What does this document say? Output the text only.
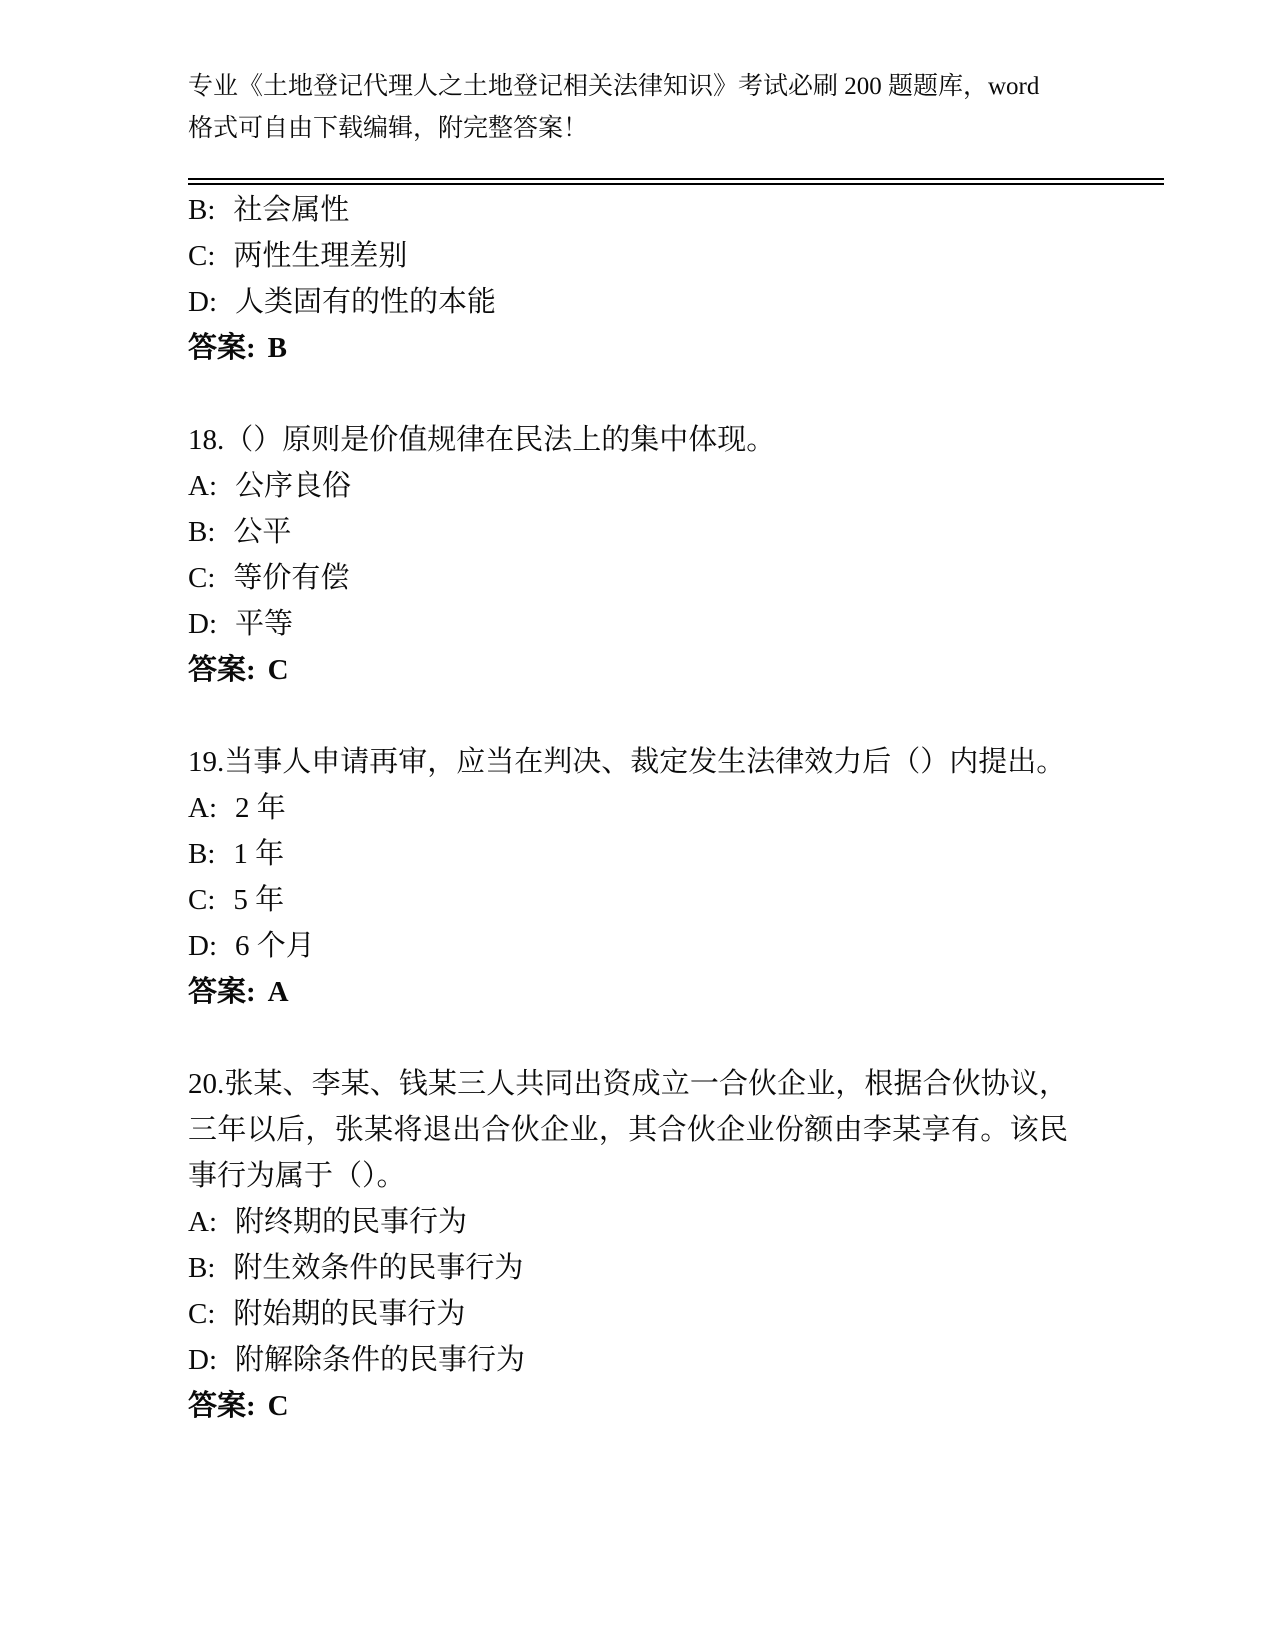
专业《土地登记代理人之土地登记相关法律知识》考试必刷 200 题题库，word 格式可自由下载编辑，附完整答案！

B: 社会属性

C: 两性生理差别

D: 人类固有的性的本能

答案: B

18.（）原则是价值规律在民法上的集中体现。

A: 公序良俗

B: 公平

C: 等价有偿

D: 平等

答案: C

19.当事人申请再审，应当在判决、裁定发生法律效力后（）内提出。

A: 2 年

B: 1 年

C: 5 年

D: 6 个月

答案: A

20.张某、李某、钱某三人共同出资成立一合伙企业，根据合伙协议，三年以后，张某将退出合伙企业，其合伙企业份额由李某享有。该民事行为属于（）。

A: 附终期的民事行为

B: 附生效条件的民事行为

C: 附始期的民事行为

D: 附解除条件的民事行为

答案: C
